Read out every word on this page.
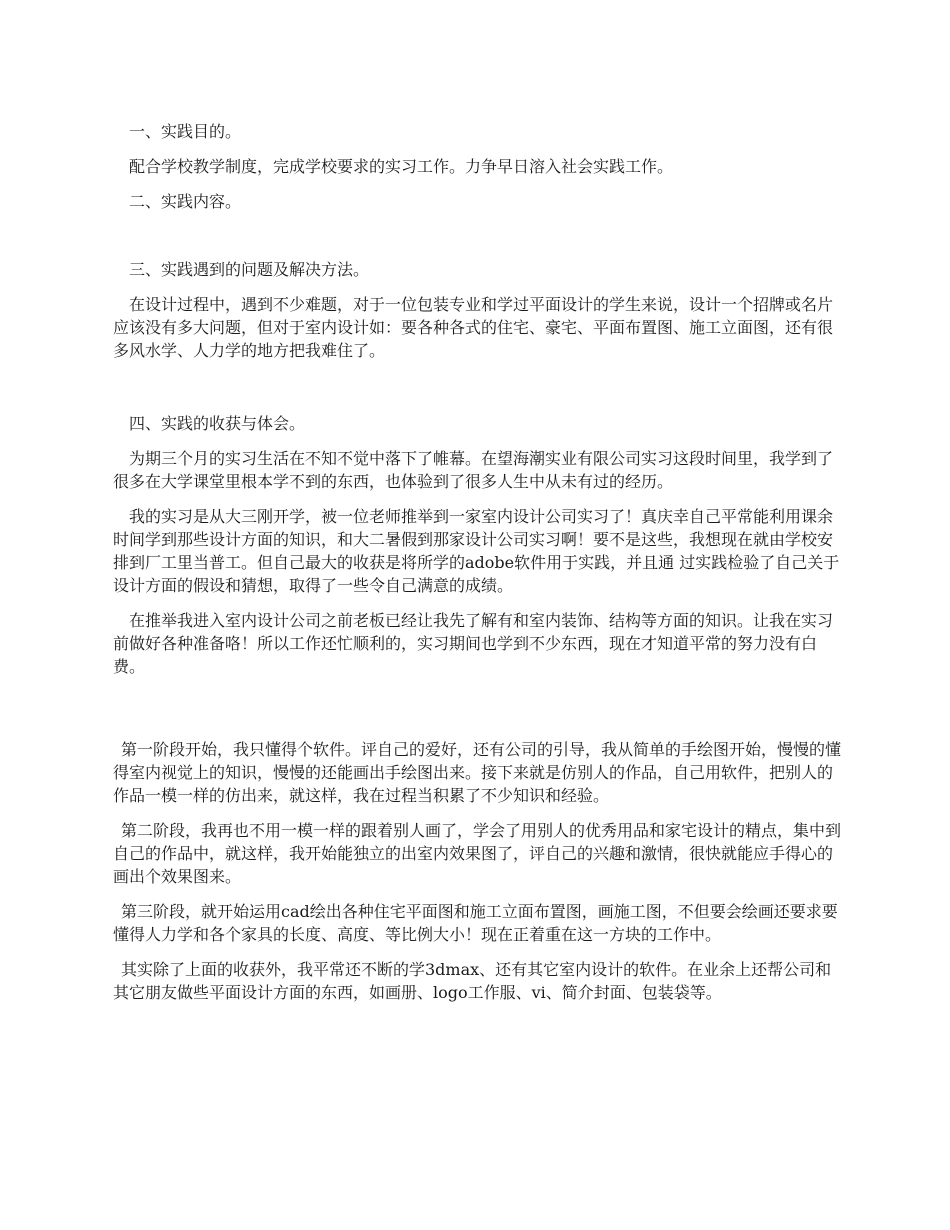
一、实践目的。

配合学校教学制度，完成学校要求的实习工作。力争早日溶入社会实践工作。

二、实践内容。

三、实践遇到的问题及解决方法。

在设计过程中，遇到不少难题，对于一位包装专业和学过平面设计的学生来说，设计一个招牌或名片应该没有多大问题，但对于室内设计如：要各种各式的住宅、豪宅、平面布置图、施工立面图，还有很多风水学、人力学的地方把我难住了。

四、实践的收获与体会。

为期三个月的实习生活在不知不觉中落下了帷幕。在望海潮实业有限公司实习这段时间里，我学到了很多在大学课堂里根本学不到的东西，也体验到了很多人生中从未有过的经历。

我的实习是从大三刚开学，被一位老师推举到一家室内设计公司实习了！真庆幸自己平常能利用课余时间学到那些设计方面的知识，和大二暑假到那家设计公司实习啊！要不是这些，我想现在就由学校安排到厂工里当普工。但自己最大的收获是将所学的adobe软件用于实践，并且通 过实践检验了自己关于设计方面的假设和猜想，取得了一些令自己满意的成绩。

在推举我进入室内设计公司之前老板已经让我先了解有和室内装饰、结构等方面的知识。让我在实习前做好各种准备咯！所以工作还忙顺利的，实习期间也学到不少东西，现在才知道平常的努力没有白费。

第一阶段开始，我只懂得个软件。评自己的爱好，还有公司的引导，我从简单的手绘图开始，慢慢的懂得室内视觉上的知识，慢慢的还能画出手绘图出来。接下来就是仿别人的作品，自己用软件，把别人的作品一模一样的仿出来，就这样，我在过程当积累了不少知识和经验。

第二阶段，我再也不用一模一样的跟着别人画了，学会了用别人的优秀用品和家宅设计的精点，集中到自己的作品中，就这样，我开始能独立的出室内效果图了，评自己的兴趣和激情，很快就能应手得心的画出个效果图来。

第三阶段，就开始运用cad绘出各种住宅平面图和施工立面布置图，画施工图，不但要会绘画还要求要懂得人力学和各个家具的长度、高度、等比例大小！现在正着重在这一方块的工作中。

其实除了上面的收获外，我平常还不断的学3dmax、还有其它室内设计的软件。在业余上还帮公司和其它朋友做些平面设计方面的东西，如画册、logo工作服、vi、简介封面、包装袋等。
